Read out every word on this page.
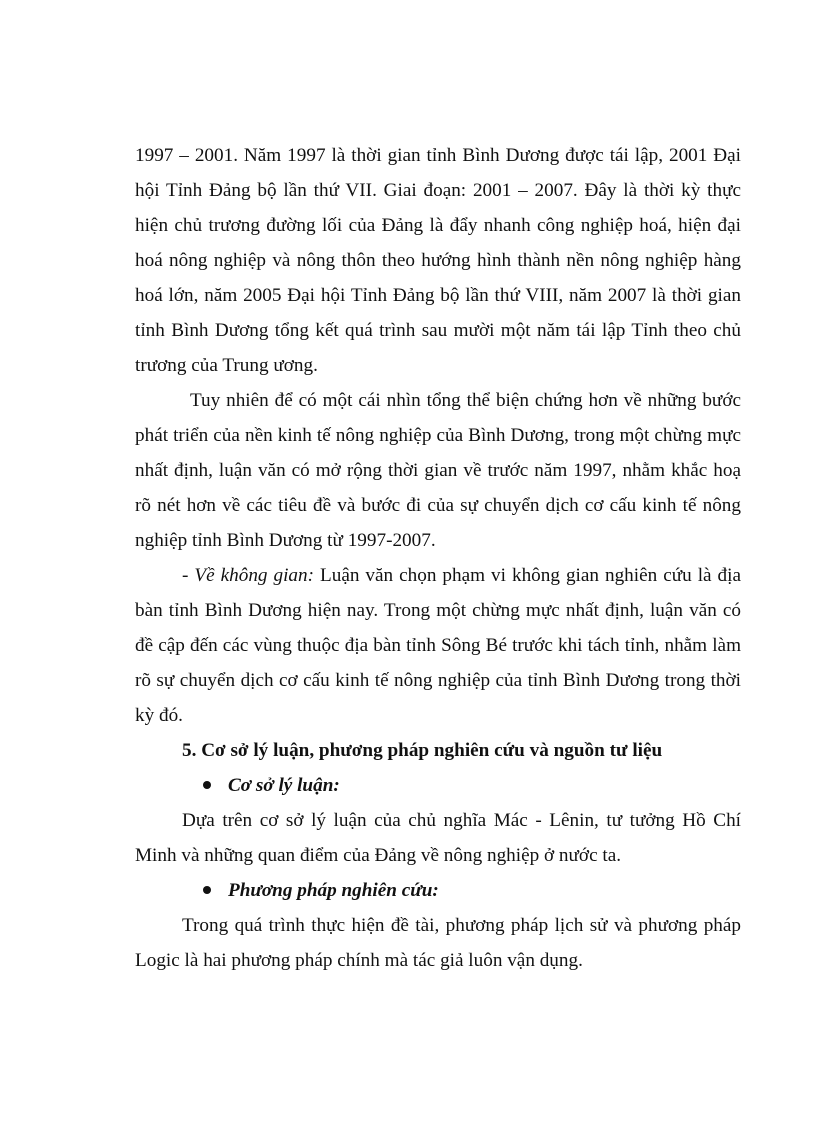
1997 – 2001. Năm 1997 là thời gian tỉnh Bình Dương được tái lập, 2001 Đại
hội Tỉnh Đảng bộ lần thứ VII. Giai đoạn: 2001 – 2007. Đây là thời kỳ thực
hiện chủ trương đường lối của Đảng là đẩy nhanh công nghiệp hoá, hiện đại
hoá nông nghiệp và nông thôn theo hướng hình thành nền nông nghiệp hàng
hoá lớn, năm 2005 Đại hội Tỉnh Đảng bộ lần thứ VIII, năm 2007 là thời gian
tỉnh Bình Dương tổng kết quá trình sau mười một năm tái lập Tỉnh theo chủ
trương của Trung ương.
Tuy nhiên để có một cái nhìn tổng thể biện chứng hơn về những bước
phát triển của nền kinh tế nông nghiệp của Bình Dương, trong một chừng mực
nhất định, luận văn có mở rộng thời gian về trước năm 1997, nhằm khắc hoạ
rõ nét hơn về các tiêu đề và bước đi của sự chuyển dịch cơ cấu kinh tế nông
nghiệp tỉnh Bình Dương từ 1997-2007.
- Về không gian: Luận văn chọn phạm vi không gian nghiên cứu là địa
bàn tỉnh Bình Dương hiện nay. Trong một chừng mực nhất định, luận văn có
đề cập đến các vùng thuộc địa bàn tỉnh Sông Bé trước khi tách tỉnh, nhằm làm
rõ sự chuyển dịch cơ cấu kinh tế nông nghiệp của tỉnh Bình Dương trong thời
kỳ đó.
5. Cơ sở lý luận, phương pháp nghiên cứu và nguồn tư liệu
Cơ sở lý luận:
Dựa trên cơ sở lý luận của chủ nghĩa Mác - Lênin, tư tưởng Hồ Chí
Minh và những quan điểm của Đảng về nông nghiệp ở nước ta.
Phương pháp nghiên cứu:
Trong quá trình thực hiện đề tài, phương pháp lịch sử và phương pháp
Logic là hai phương pháp chính mà tác giả luôn vận dụng.
